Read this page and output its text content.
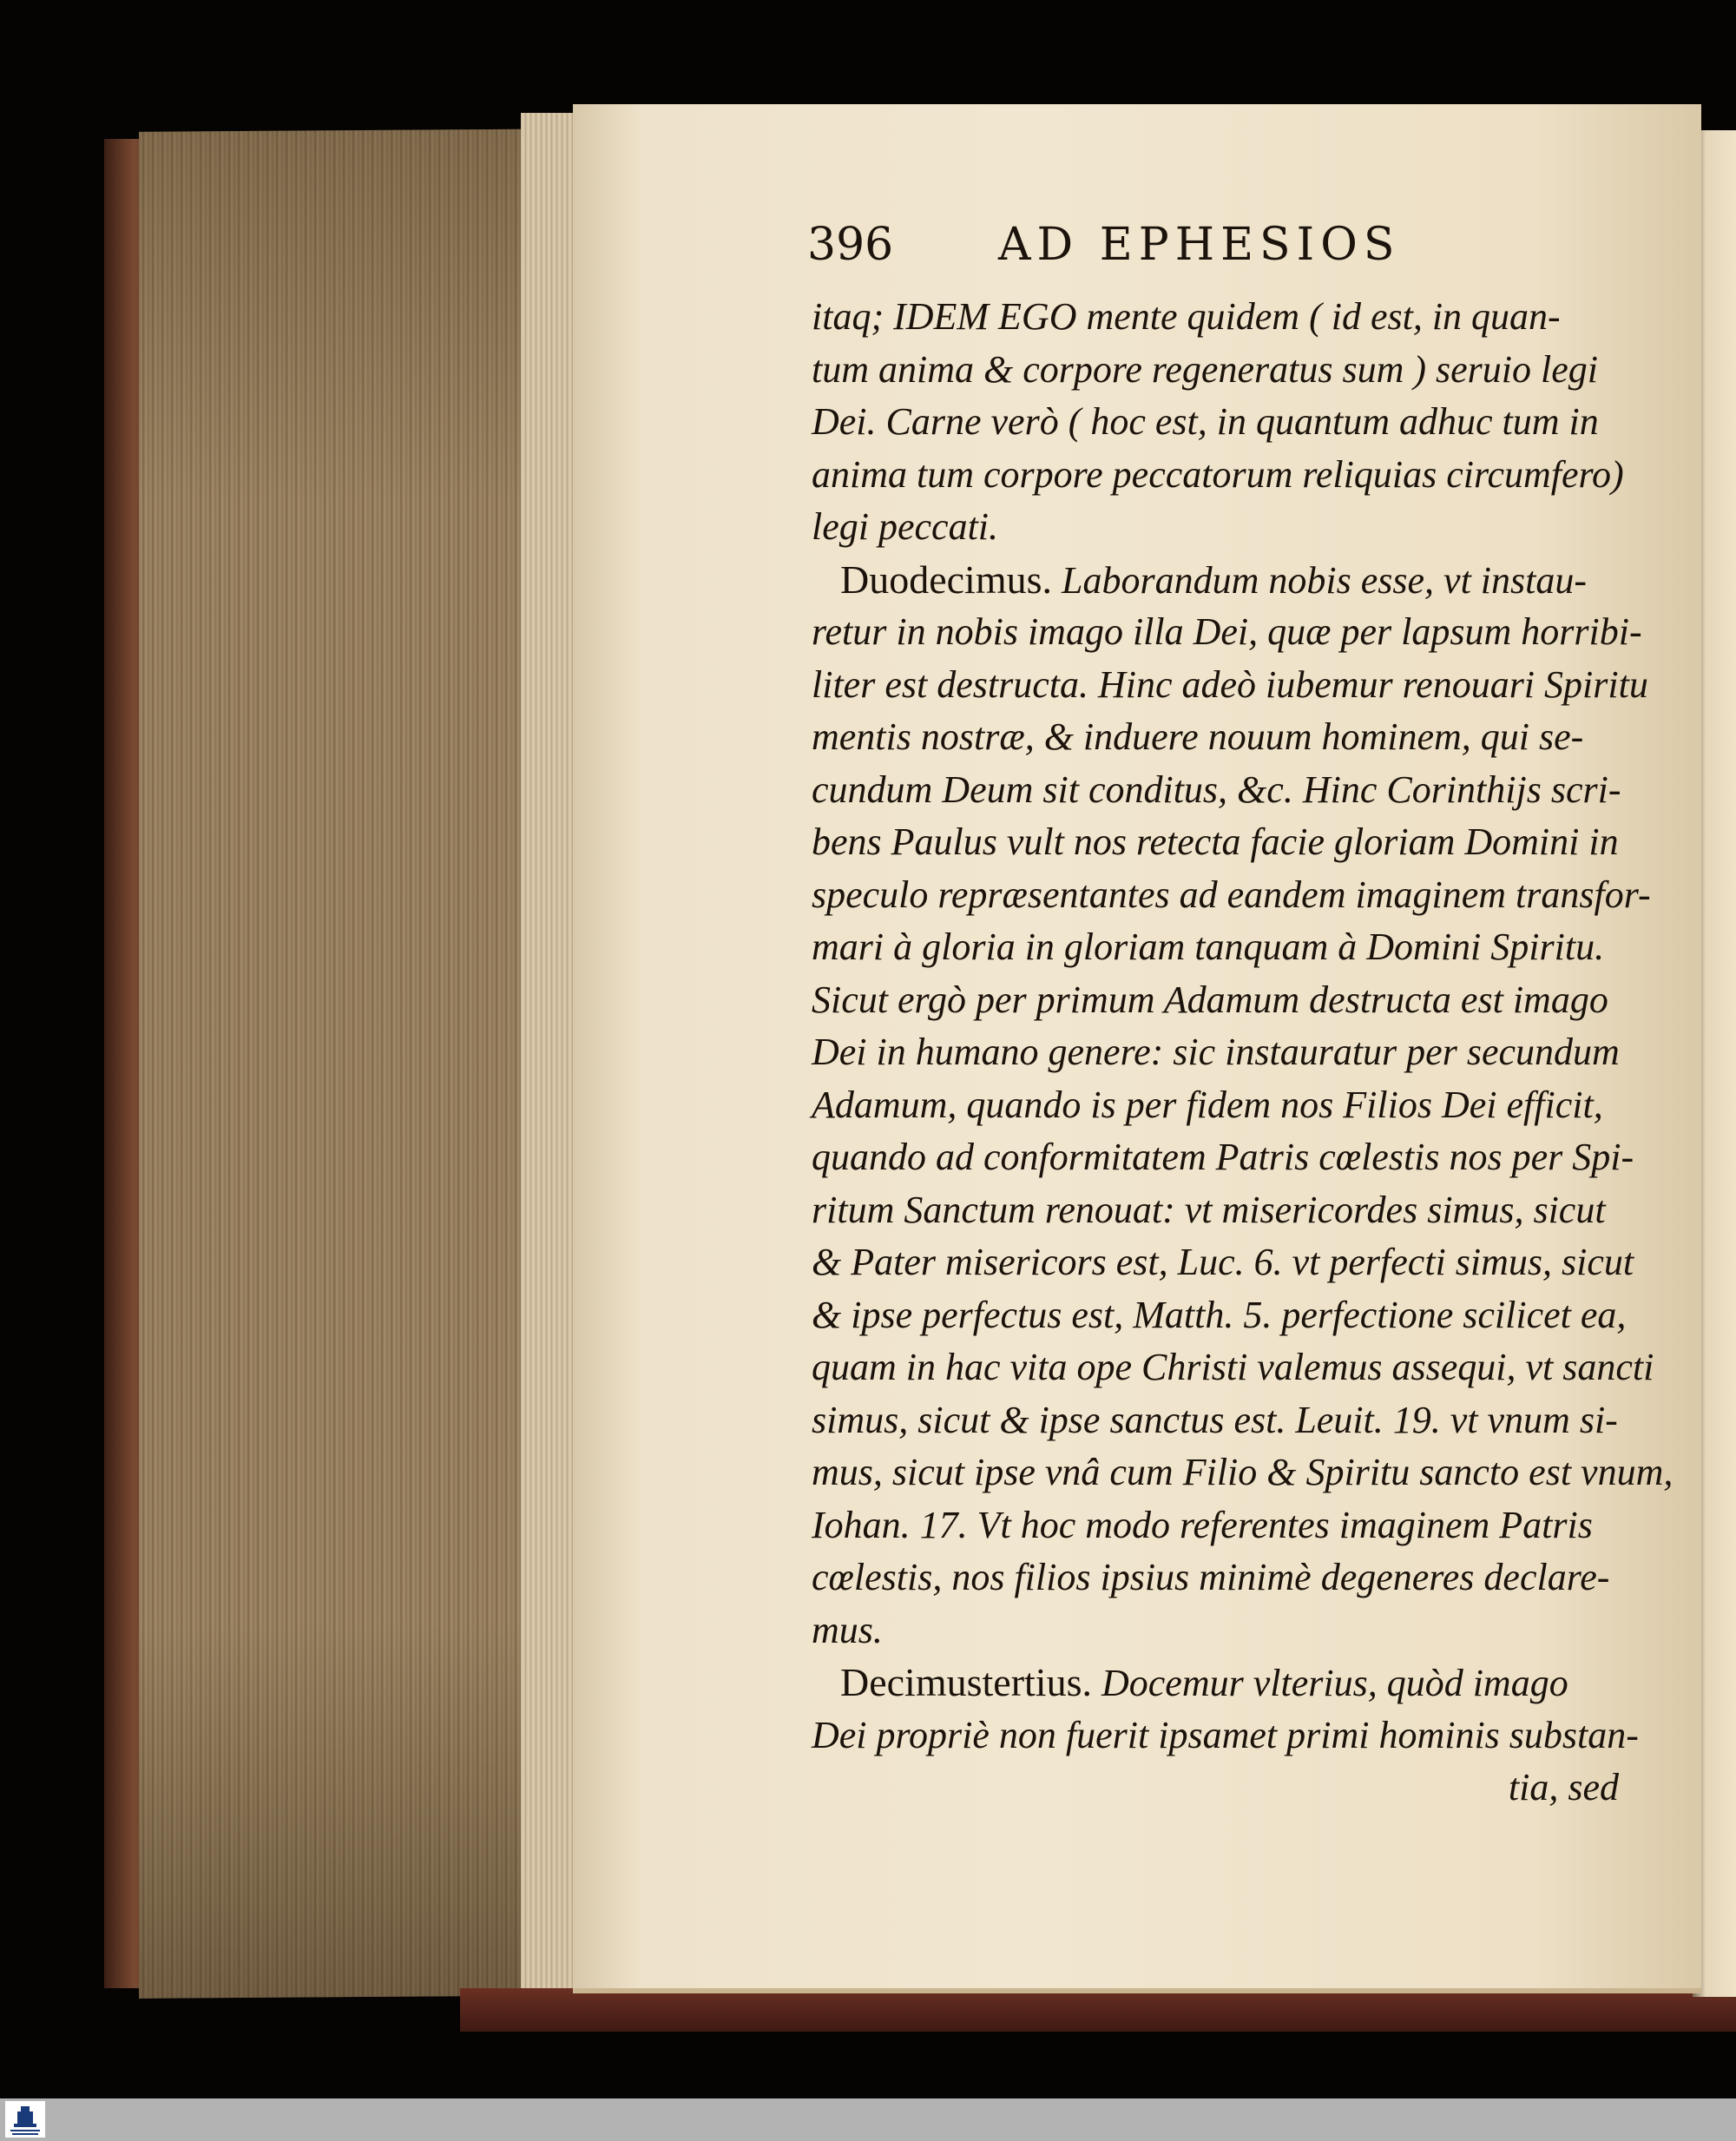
396 AD EPHESIOS
itaq; IDEM EGO mente quidem ( id est, in quan-
tum anima & corpore regeneratus sum ) seruio legi
Dei. Carne verò ( hoc est, in quantum adhuc tum in
anima tum corpore peccatorum reliquias circumfero)
legi peccati.
Duodecimus. Laborandum nobis esse, vt instau-
retur in nobis imago illa Dei, quæ per lapsum horribi-
liter est destructa. Hinc adeò iubemur renouari Spiritu
mentis nostræ, & induere nouum hominem, qui se-
cundum Deum sit conditus, &c. Hinc Corinthijs scri-
bens Paulus vult nos retecta facie gloriam Domini in
speculo repræsentantes ad eandem imaginem transfor-
mari à gloria in gloriam tanquam à Domini Spiritu.
Sicut ergò per primum Adamum destructa est imago
Dei in humano genere: sic instauratur per secundum
Adamum, quando is per fidem nos Filios Dei efficit,
quando ad conformitatem Patris cœlestis nos per Spi-
ritum Sanctum renouat: vt misericordes simus, sicut
& Pater misericors est, Luc. 6. vt perfecti simus, sicut
& ipse perfectus est, Matth. 5. perfectione scilicet ea,
quam in hac vita ope Christi valemus assequi, vt sancti
simus, sicut & ipse sanctus est. Leuit. 19. vt vnum si-
mus, sicut ipse vnâ cum Filio & Spiritu sancto est vnum,
Iohan. 17. Vt hoc modo referentes imaginem Patris
cœlestis, nos filios ipsius minimè degeneres declare-
mus.
Decimustertius. Docemur vlterius, quòd imago
Dei propriè non fuerit ipsamet primi hominis substan-
tia, sed
